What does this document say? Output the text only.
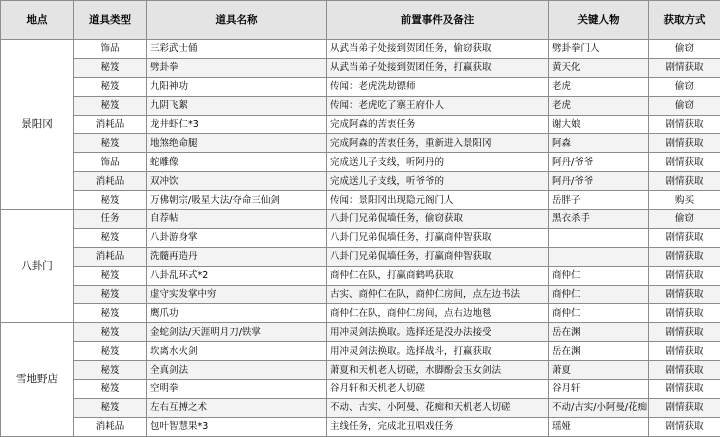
地点	道具类型	道具名称	前置事件及备注	关键人物	获取方式
景阳冈	饰品	三彩武士俑	从武当弟子处接到贺团任务，偷窃获取	劈卦拳门人	偷窃
	秘笈	劈卦拳	从武当弟子处接到贺团任务，打赢获取	黄天化	剧情获取
	秘笈	九阳神功	传闻：老虎洗劫镖师	老虎	偷窃
	秘笈	九阴飞絮	传闻：老虎吃了寨王府仆人	老虎	偷窃
	消耗品	龙井虾仁*3	完成阿森的苦衷任务	谢大娘	剧情获取
	秘笈	地煞绝命腿	完成阿森的苦衷任务，重新进入景阳冈	阿森	剧情获取
	饰品	蛇雕像	完成送儿子支线，听阿丹的	阿丹/爷爷	剧情获取
	消耗品	双冲饮	完成送儿子支线，听爷爷的	阿丹/爷爷	剧情获取
	秘笈	万佛朝宗/吸星大法/夺命三仙剑	传闻：景阳冈出现隐元阁门人	岳胖子	购买
八卦门	任务	自荐帖	八卦门兄弟侃墙任务，偷窃获取	黑衣杀手	偷窃
	秘笈	八卦游身掌	八卦门兄弟侃墙任务，打赢商仲智获取		剧情获取
	消耗品	洗髓再造丹	八卦门兄弟侃墙任务，打赢商仲智获取		剧情获取
	秘笈	八卦乱环式*2	商仲仁在队，打赢商鹤鸣获取	商仲仁	剧情获取
	秘笈	虚守实发掌中穷	古实、商仲仁在队，商仲仁房间，点左边书法	商仲仁	剧情获取
	秘笈	鹰爪功	商仲仁在队，商仲仁房间，点右边地毯	商仲仁	剧情获取
雪地野店	秘笈	金蛇剑法/天涯明月刀/铁掌	用冲灵剑法换取。选择还是没办法接受	岳在渊	剧情获取
	秘笈	坎离水火剑	用冲灵剑法换取。选择战斗，打赢获取	岳在渊	剧情获取
	秘笈	全真剑法	萧夏和天机老人切磋，水脚酚会玉女剑法	萧夏	剧情获取
	秘笈	空明拳	谷月轩和天机老人切磋	谷月轩	剧情获取
	秘笈	左右互搏之术	不动、古实、小阿曼、花痴和天机老人切磋	不动/古实/小阿曼/花痴	剧情获取
	消耗品	包叶智慧果*3	主线任务，完成北丑唱戏任务	瑶娅	剧情获取
